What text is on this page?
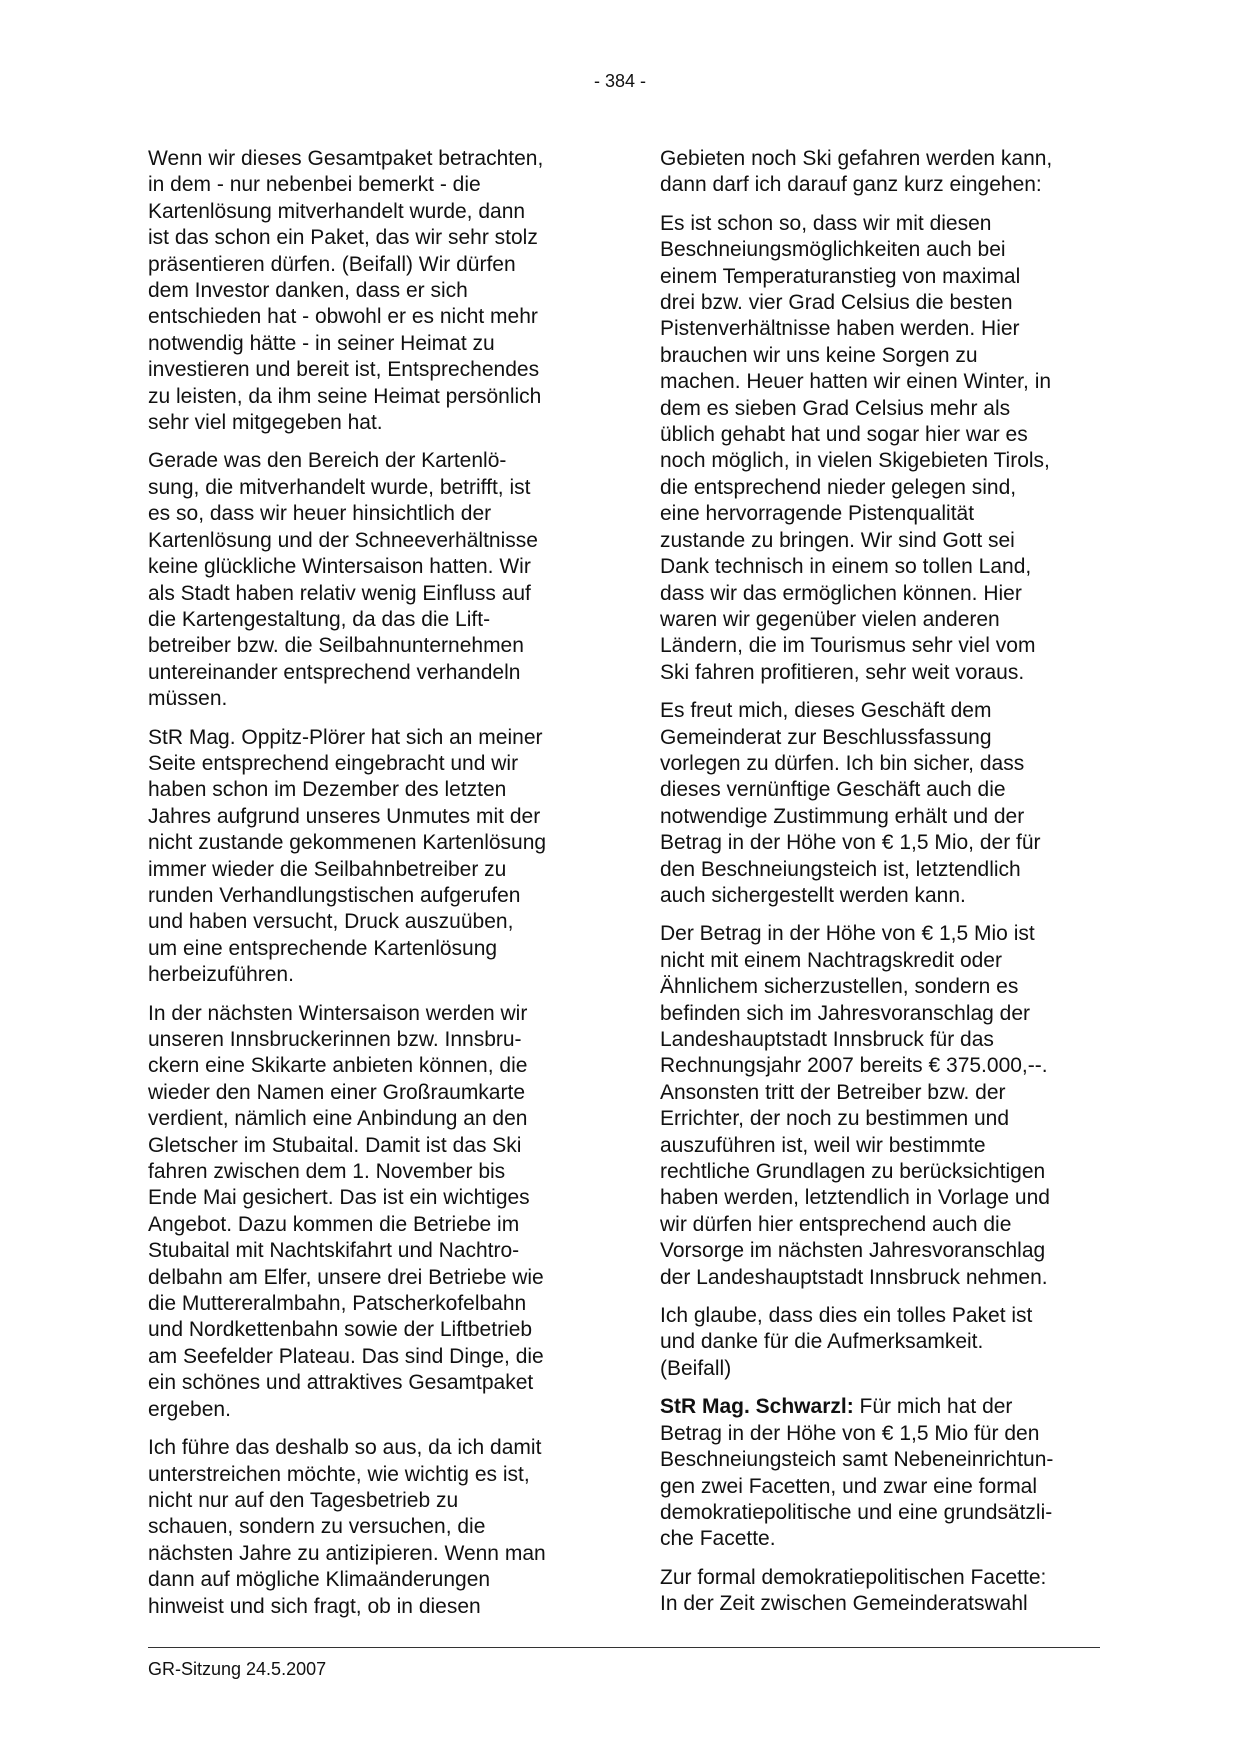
- 384 -

Wenn wir dieses Gesamtpaket betrachten,
in dem - nur nebenbei bemerkt - die
Kartenlösung mitverhandelt wurde, dann
ist das schon ein Paket, das wir sehr stolz
präsentieren dürfen. (Beifall) Wir dürfen
dem Investor danken, dass er sich
entschieden hat - obwohl er es nicht mehr
notwendig hätte - in seiner Heimat zu
investieren und bereit ist, Entsprechendes
zu leisten, da ihm seine Heimat persönlich
sehr viel mitgegeben hat.

Gerade was den Bereich der Kartenlö-
sung, die mitverhandelt wurde, betrifft, ist
es so, dass wir heuer hinsichtlich der
Kartenlösung und der Schneeverhältnisse
keine glückliche Wintersaison hatten. Wir
als Stadt haben relativ wenig Einfluss auf
die Kartengestaltung, da das die Lift-
betreiber bzw. die Seilbahnunternehmen
untereinander entsprechend verhandeln
müssen.

StR Mag. Oppitz-Plörer hat sich an meiner
Seite entsprechend eingebracht und wir
haben schon im Dezember des letzten
Jahres aufgrund unseres Unmutes mit der
nicht zustande gekommenen Kartenlösung
immer wieder die Seilbahnbetreiber zu
runden Verhandlungstischen aufgerufen
und haben versucht, Druck auszuüben,
um eine entsprechende Kartenlösung
herbeizuführen.

In der nächsten Wintersaison werden wir
unseren Innsbruckerinnen bzw. Innsbru-
ckern eine Skikarte anbieten können, die
wieder den Namen einer Großraumkarte
verdient, nämlich eine Anbindung an den
Gletscher im Stubaital. Damit ist das Ski
fahren zwischen dem 1. November bis
Ende Mai gesichert. Das ist ein wichtiges
Angebot. Dazu kommen die Betriebe im
Stubaital mit Nachtskifahrt und Nachtro-
delbahn am Elfer, unsere drei Betriebe wie
die Muttereralmbahn, Patscherkofelbahn
und Nordkettenbahn sowie der Liftbetrieb
am Seefelder Plateau. Das sind Dinge, die
ein schönes und attraktives Gesamtpaket
ergeben.

Ich führe das deshalb so aus, da ich damit
unterstreichen möchte, wie wichtig es ist,
nicht nur auf den Tagesbetrieb zu
schauen, sondern zu versuchen, die
nächsten Jahre zu antizipieren. Wenn man
dann auf mögliche Klimaänderungen
hinweist und sich fragt, ob in diesen

Gebieten noch Ski gefahren werden kann,
dann darf ich darauf ganz kurz eingehen:

Es ist schon so, dass wir mit diesen
Beschneiungsmöglichkeiten auch bei
einem Temperaturanstieg von maximal
drei bzw. vier Grad Celsius die besten
Pistenverhältnisse haben werden. Hier
brauchen wir uns keine Sorgen zu
machen. Heuer hatten wir einen Winter, in
dem es sieben Grad Celsius mehr als
üblich gehabt hat und sogar hier war es
noch möglich, in vielen Skigebieten Tirols,
die entsprechend nieder gelegen sind,
eine hervorragende Pistenqualität
zustande zu bringen. Wir sind Gott sei
Dank technisch in einem so tollen Land,
dass wir das ermöglichen können. Hier
waren wir gegenüber vielen anderen
Ländern, die im Tourismus sehr viel vom
Ski fahren profitieren, sehr weit voraus.

Es freut mich, dieses Geschäft dem
Gemeinderat zur Beschlussfassung
vorlegen zu dürfen. Ich bin sicher, dass
dieses vernünftige Geschäft auch die
notwendige Zustimmung erhält und der
Betrag in der Höhe von € 1,5 Mio, der für
den Beschneiungsteich ist, letztendlich
auch sichergestellt werden kann.

Der Betrag in der Höhe von € 1,5 Mio ist
nicht mit einem Nachtragskredit oder
Ähnlichem sicherzustellen, sondern es
befinden sich im Jahresvoranschlag der
Landeshauptstadt Innsbruck für das
Rechnungsjahr 2007 bereits € 375.000,--.
Ansonsten tritt der Betreiber bzw. der
Errichter, der noch zu bestimmen und
auszuführen ist, weil wir bestimmte
rechtliche Grundlagen zu berücksichtigen
haben werden, letztendlich in Vorlage und
wir dürfen hier entsprechend auch die
Vorsorge im nächsten Jahresvoranschlag
der Landeshauptstadt Innsbruck nehmen.

Ich glaube, dass dies ein tolles Paket ist
und danke für die Aufmerksamkeit.
(Beifall)

StR Mag. Schwarzl: Für mich hat der
Betrag in der Höhe von € 1,5 Mio für den
Beschneiungsteich samt Nebeneinrichtun-
gen zwei Facetten, und zwar eine formal
demokratiepolitische und eine grundsätzli-
che Facette.

Zur formal demokratiepolitischen Facette:
In der Zeit zwischen Gemeinderatswahl

GR-Sitzung 24.5.2007
